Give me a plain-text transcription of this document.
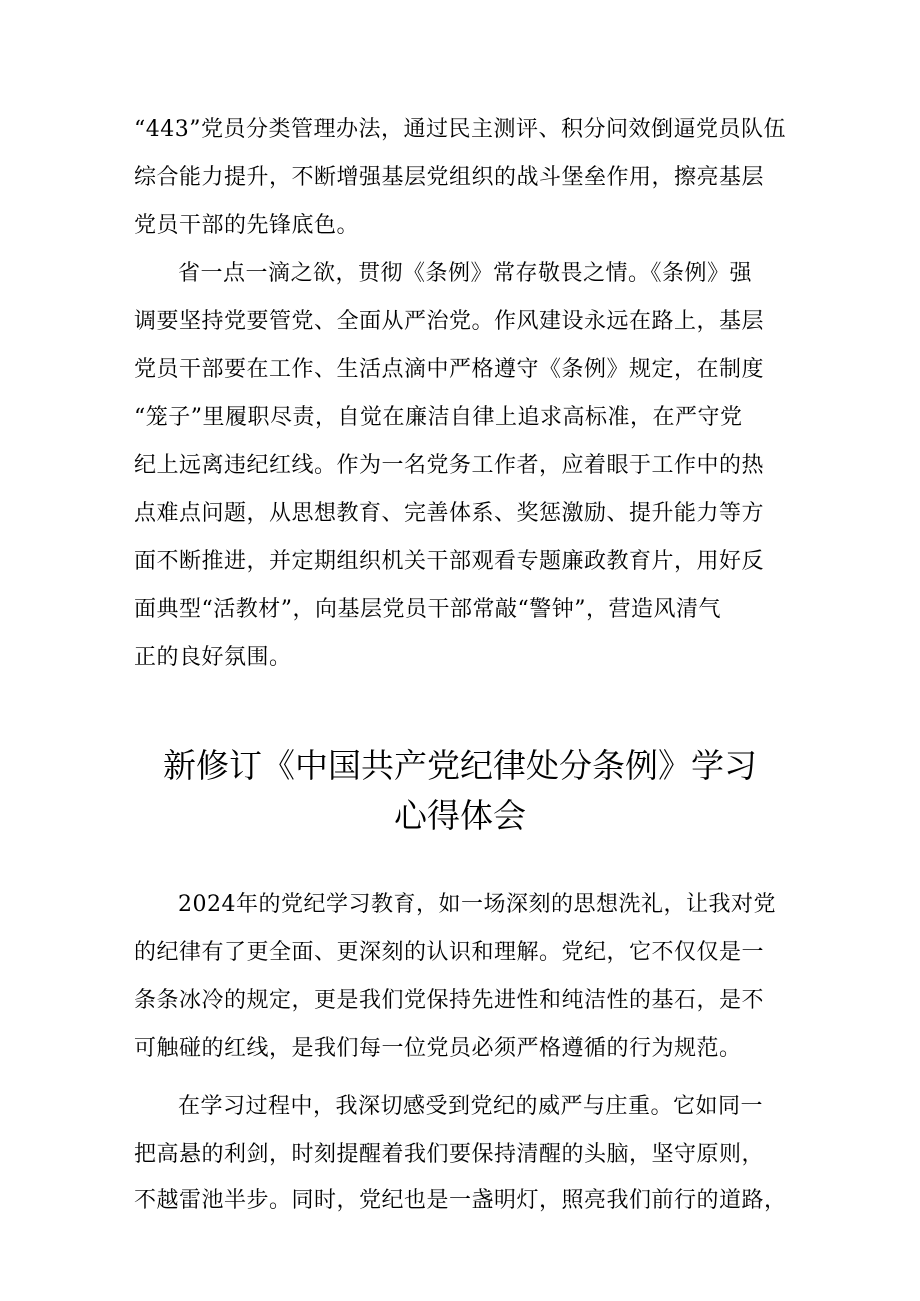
“443”党员分类管理办法，通过民主测评、积分问效倒逼党员队伍
综合能力提升，不断增强基层党组织的战斗堡垒作用，擦亮基层
党员干部的先锋底色。
省一点一滴之欲，贯彻《条例》常存敬畏之情。《条例》强
调要坚持党要管党、全面从严治党。作风建设永远在路上，基层
党员干部要在工作、生活点滴中严格遵守《条例》规定，在制度
“笼子”里履职尽责，自觉在廉洁自律上追求高标准，在严守党
纪上远离违纪红线。作为一名党务工作者，应着眼于工作中的热
点难点问题，从思想教育、完善体系、奖惩激励、提升能力等方
面不断推进，并定期组织机关干部观看专题廉政教育片，用好反
面典型“活教材”，向基层党员干部常敲“警钟”，营造风清气
正的良好氛围。
新修订《中国共产党纪律处分条例》学习
心得体会
2024年的党纪学习教育，如一场深刻的思想洗礼，让我对党
的纪律有了更全面、更深刻的认识和理解。党纪，它不仅仅是一
条条冰冷的规定，更是我们党保持先进性和纯洁性的基石，是不
可触碰的红线，是我们每一位党员必须严格遵循的行为规范。
在学习过程中，我深切感受到党纪的威严与庄重。它如同一
把高悬的利剑，时刻提醒着我们要保持清醒的头脑，坚守原则，
不越雷池半步。同时，党纪也是一盏明灯，照亮我们前行的道路，
